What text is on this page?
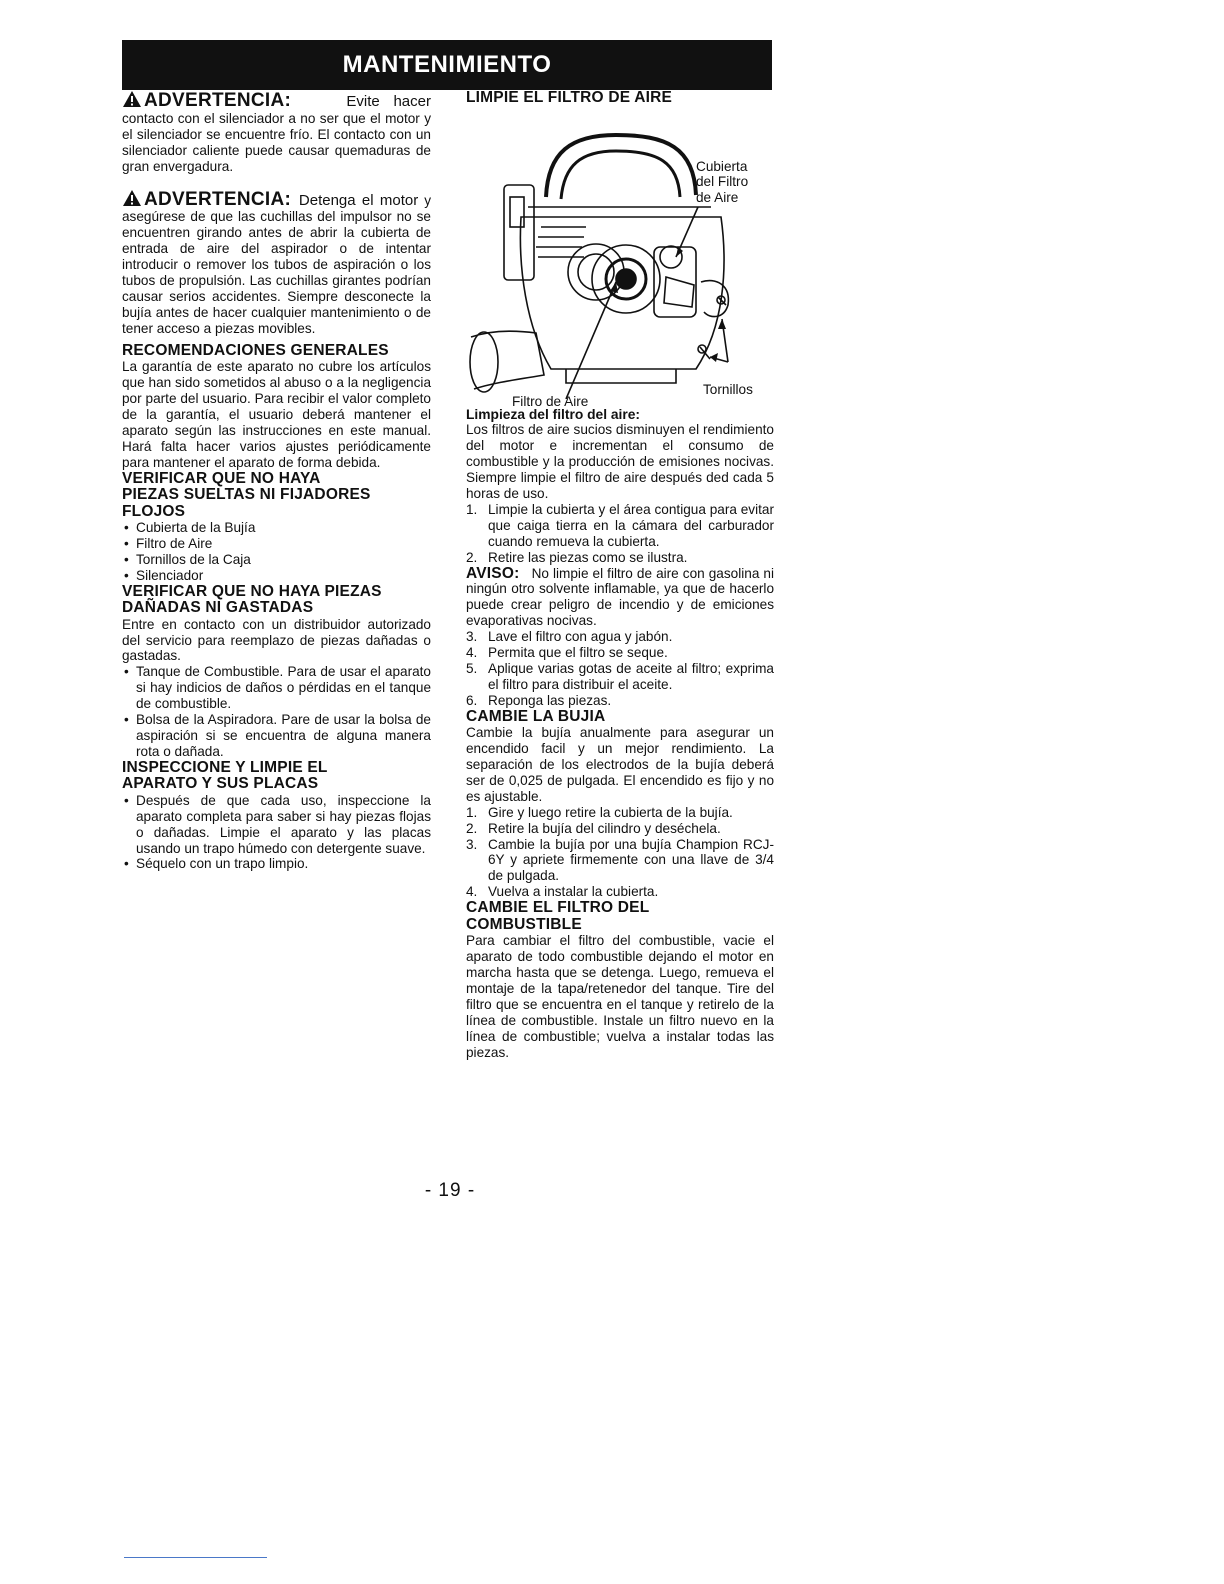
MANTENIMIENTO
ADVERTENCIA:	Evite hacer contacto con el silenciador a no ser que el motor y el silenciador se encuentre frío. El contacto con un silenciador caliente puede causar quemaduras de gran envergadura.
ADVERTENCIA: Detenga el motor y asegúrese de que las cuchillas del impulsor no se encuentren girando antes de abrir la cubierta de entrada de aire del aspirador o de intentar introducir o remover los tubos de aspiración o los tubos de propulsión. Las cuchillas girantes podrían causar serios accidentes. Siempre desconecte la bujía antes de hacer cualquier mantenimiento o de tener acceso a piezas movibles.
RECOMENDACIONES GENERALES

La garantía de este aparato no cubre los artículos que han sido sometidos al abuso o a la negligencia por parte del usuario. Para recibir el valor completo de la garantía, el usuario deberá mantener el aparato según las instrucciones en este manual. Hará falta hacer varios ajustes periódicamente para mantener el aparato de forma debida.

VERIFICAR QUE NO HAYA
PIEZAS SUELTAS NI FIJADORES
FLOJOS
• Cubierta de la Bujía
• Filtro de Aire
• Tornillos de la Caja
• Silenciador
VERIFICAR QUE NO HAYA PIEZAS
DAÑADAS NI GASTADAS

Entre en contacto con un distribuidor autorizado del servicio para reemplazo de piezas dañadas o gastadas.

• Tanque de Combustible. Para de usar el aparato si hay indicios de daños o pérdidas en el tanque de combustible.
• Bolsa de la Aspiradora. Pare de usar la bolsa de aspiración si se encuentra de alguna manera rota o dañada.
INSPECCIONE Y LIMPIE EL
APARATO Y SUS PLACAS
• Después de que cada uso, inspeccione la aparato completa para saber si hay piezas flojas o dañadas. Limpie el aparato y las placas usando un trapo húmedo con detergente suave.
• Séquelo con un trapo limpio.
LIMPIE EL FILTRO DE AIRE
Cubierta
del Filtro
de Aire
Tornillos
Filtro de Aire
Limpieza del filtro del aire:

Los filtros de aire sucios disminuyen el rendimiento del motor e incrementan el consumo de combustible y la producción de emisiones nocivas. Siempre limpie el filtro de aire después ded cada 5 horas de uso.

1. Limpie la cubierta y el área contigua para evitar que caiga tierra en la cámara del carburador cuando remueva la cubierta.
2. Retire las piezas como se ilustra.

AVISO: No limpie el filtro de aire con gasolina ni ningún otro solvente inflamable, ya que de hacerlo puede crear peligro de incendio y de emiciones evaporativas nocivas.

3. Lave el filtro con agua y jabón.
4. Permita que el filtro se seque.
5. Aplique varias gotas de aceite al filtro; exprima el filtro para distribuir el aceite.
6. Reponga las piezas.
CAMBIE LA BUJIA

Cambie la bujía anualmente para asegurar un encendido facil y un mejor rendimiento. La separación de los electrodos de la bujía deberá ser de 0,025 de pulgada. El encendido es fijo y no es ajustable.

1. Gire y luego retire la cubierta de la bujía.
2. Retire la bujía del cilindro y deséchela.
3. Cambie la bujía por una bujía Champion RCJ-6Y y apriete firmemente con una llave de 3/4 de pulgada.
4. Vuelva a instalar la cubierta.
CAMBIE EL FILTRO DEL
COMBUSTIBLE

Para cambiar el filtro del combustible, vacie el aparato de todo combustible dejando el motor en marcha hasta que se detenga. Luego, remueva el montaje de la tapa/retenedor del tanque. Tire del filtro que se encuentra en el tanque y retirelo de la línea de combustible. Instale un filtro nuevo en la línea de combustible; vuelva a instalar todas las piezas.

- 19 -
